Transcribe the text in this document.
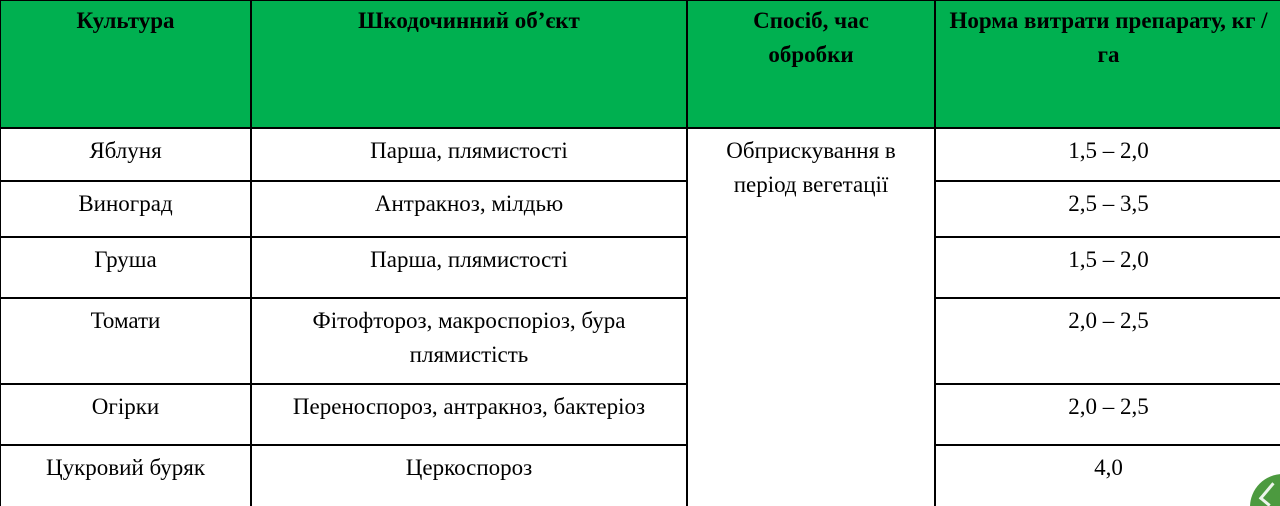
Культура	Шкодочинний об’єкт	Спосіб, час обробки	Норма витрати препарату, кг / га

Яблуня	Парша, плямистості	Обприскування в період вегетації	1,5 – 2,0
Виноград	Антракноз, мілдью		2,5 – 3,5
Груша	Парша, плямистості		1,5 – 2,0
Томати	Фітофтороз, макроспоріоз, бура плямистість		2,0 – 2,5
Огірки	Переноспороз, антракноз, бактеріоз		2,0 – 2,5
Цукровий буряк	Церкоспороз		4,0
